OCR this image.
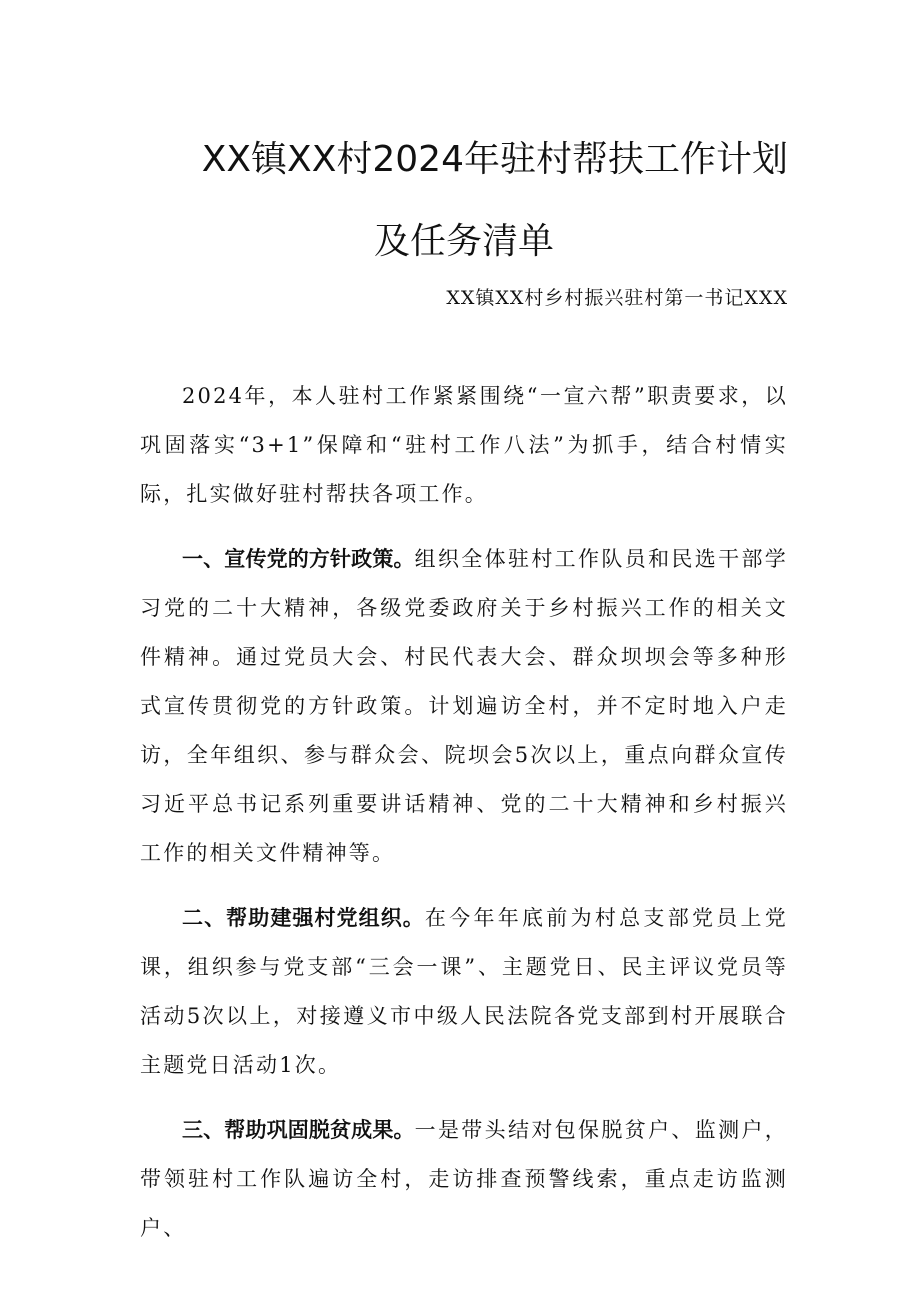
XX镇XX村2024年驻村帮扶工作计划
及任务清单
XX镇XX村乡村振兴驻村第一书记XXX

2024年，本人驻村工作紧紧围绕“一宣六帮”职责要求，以巩固落实“3+1”保障和“驻村工作八法”为抓手，结合村情实际，扎实做好驻村帮扶各项工作。

一、宣传党的方针政策。组织全体驻村工作队员和民选干部学习党的二十大精神，各级党委政府关于乡村振兴工作的相关文件精神。通过党员大会、村民代表大会、群众坝坝会等多种形式宣传贯彻党的方针政策。计划遍访全村，并不定时地入户走访，全年组织、参与群众会、院坝会5次以上，重点向群众宣传习近平总书记系列重要讲话精神、党的二十大精神和乡村振兴工作的相关文件精神等。

二、帮助建强村党组织。在今年年底前为村总支部党员上党课，组织参与党支部“三会一课”、主题党日、民主评议党员等活动5次以上，对接遵义市中级人民法院各党支部到村开展联合主题党日活动1次。

三、帮助巩固脱贫成果。一是带头结对包保脱贫户、监测户，带领驻村工作队遍访全村，走访排查预警线索，重点走访监测户、
